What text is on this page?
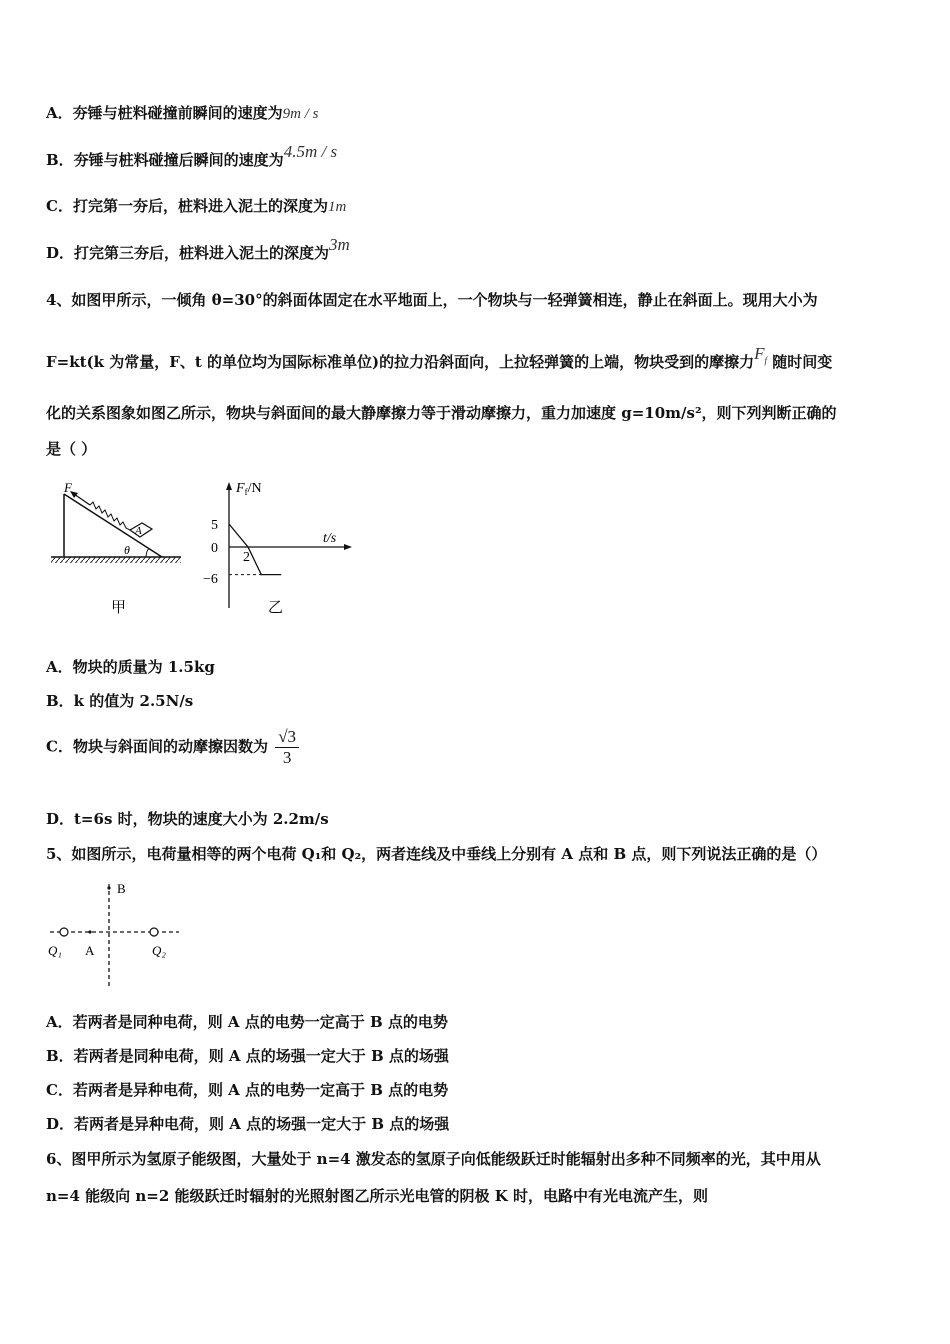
A．夯锤与桩料碰撞前瞬间的速度为9m / s
B．夯锤与桩料碰撞后瞬间的速度为4.5m / s
C．打完第一夯后，桩料进入泥土的深度为1m
D．打完第三夯后，桩料进入泥土的深度为3m
4、如图甲所示，一倾角 θ=30°的斜面体固定在水平地面上，一个物块与一轻弹簧相连，静止在斜面上。现用大小为
F=kt(k 为常量，F、t 的单位均为国际标准单位)的拉力沿斜面向，上拉轻弹簧的上端，物块受到的摩擦力$F_f$ 随时间变
化的关系图象如图乙所示，物块与斜面间的最大静摩擦力等于滑动摩擦力，重力加速度 g=10m/s²，则下列判断正确的
是（ ）
A
θ
F
甲
$F_f/N$
t/s
5
0
−6
2
乙
A．物块的质量为 1.5kg
B．k 的值为 2.5N/s
C．物块与斜面间的动摩擦因数为 $\frac{√3}{3}$
D．t=6s 时，物块的速度大小为 2.2m/s
5、如图所示，电荷量相等的两个电荷 Q₁和 Q₂，两者连线及中垂线上分别有 A 点和 B 点，则下列说法正确的是（）
B
A
Q₁	Q₂
A．若两者是同种电荷，则 A 点的电势一定高于 B 点的电势
B．若两者是同种电荷，则 A 点的场强一定大于 B 点的场强
C．若两者是异种电荷，则 A 点的电势一定高于 B 点的电势
D．若两者是异种电荷，则 A 点的场强一定大于 B 点的场强
6、图甲所示为氢原子能级图，大量处于 n=4 激发态的氢原子向低能级跃迁时能辐射出多种不同频率的光，其中用从
n=4 能级向 n=2 能级跃迁时辐射的光照射图乙所示光电管的阴极 K 时，电路中有光电流产生，则
